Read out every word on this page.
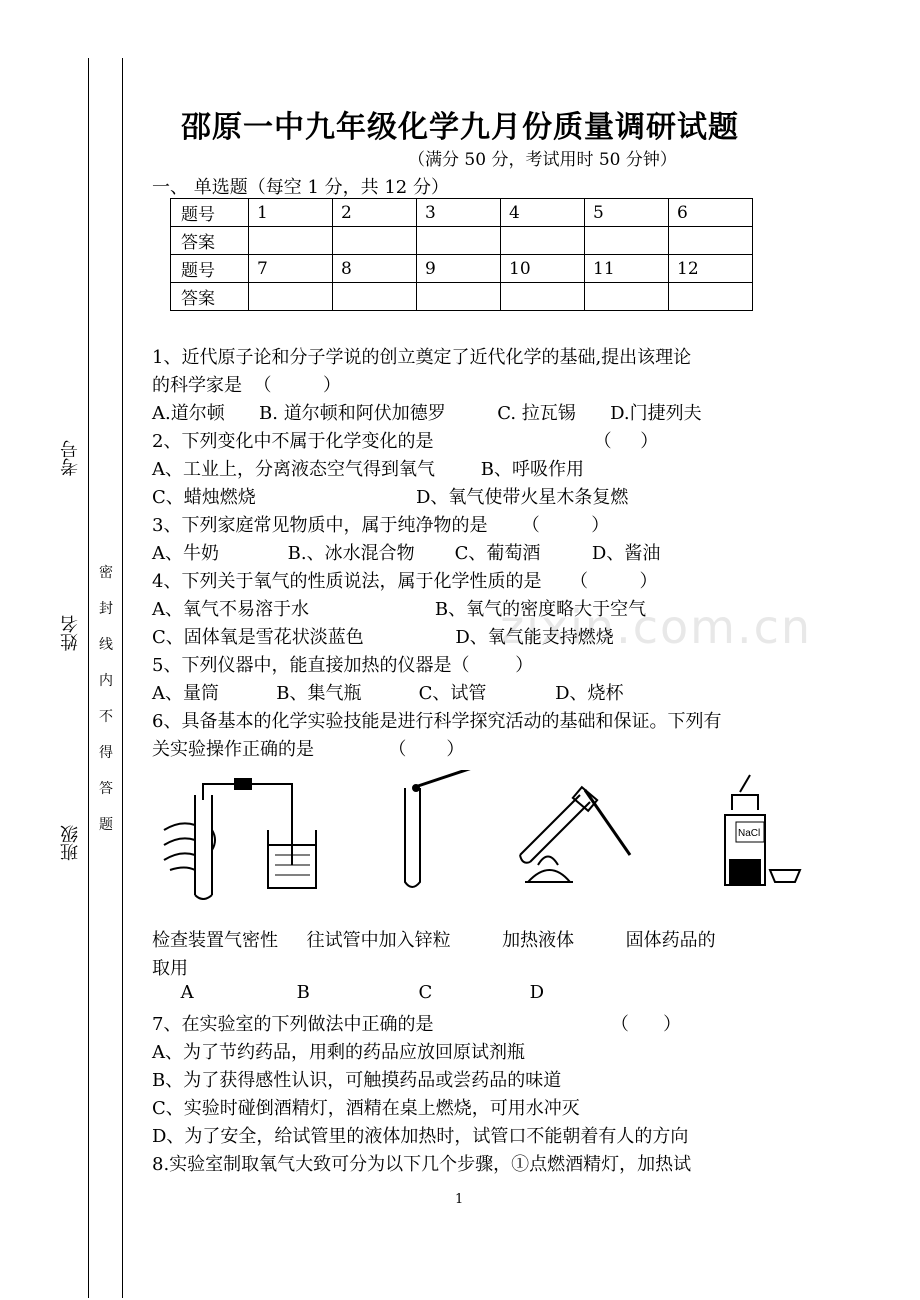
考号
姓名
班级
密
封
线
内
不
得
答
题
zixin.com.cn
邵原一中九年级化学九月份质量调研试题
（满分 50 分，考试用时 50 分钟）
一、 单选题（每空 1 分，共 12 分）
题号	1	2	3	4	5	6
答案						
题号	7	8	9	10	11	12
答案						
1、近代原子论和分子学说的创立奠定了近代化学的基础,提出该理论
的科学家是  （         ）
A.道尔顿      B. 道尔顿和阿伏加德罗         C. 拉瓦锡      D.门捷列夫
2、下列变化中不属于化学变化的是                            （     ）
A、工业上，分离液态空气得到氧气        B、呼吸作用
C、蜡烛燃烧                            D、氧气使带火星木条复燃
3、下列家庭常见物质中，属于纯净物的是      （         ）
A、牛奶            B.、冰水混合物       C、葡萄酒         D、酱油
4、下列关于氧气的性质说法，属于化学性质的是     （         ）
A、氧气不易溶于水                      B、氧气的密度略大于空气
C、固体氧是雪花状淡蓝色                D、氧气能支持燃烧
5、下列仪器中，能直接加热的仪器是（        ）
A、量筒          B、集气瓶          C、试管            D、烧杯
6、具备基本的化学实验技能是进行科学探究活动的基础和保证。下列有
关实验操作正确的是             （       ）
NaCl
检查装置气密性     往试管中加入锌粒         加热液体         固体药品的
取用
A                  B                   C                 D
7、在实验室的下列做法中正确的是                               （      ）
A、为了节约药品，用剩的药品应放回原试剂瓶
B、为了获得感性认识，可触摸药品或尝药品的味道
C、实验时碰倒酒精灯，酒精在桌上燃烧，可用水冲灭
D、为了安全，给试管里的液体加热时，试管口不能朝着有人的方向
8.实验室制取氧气大致可分为以下几个步骤，①点燃酒精灯，加热试
1
